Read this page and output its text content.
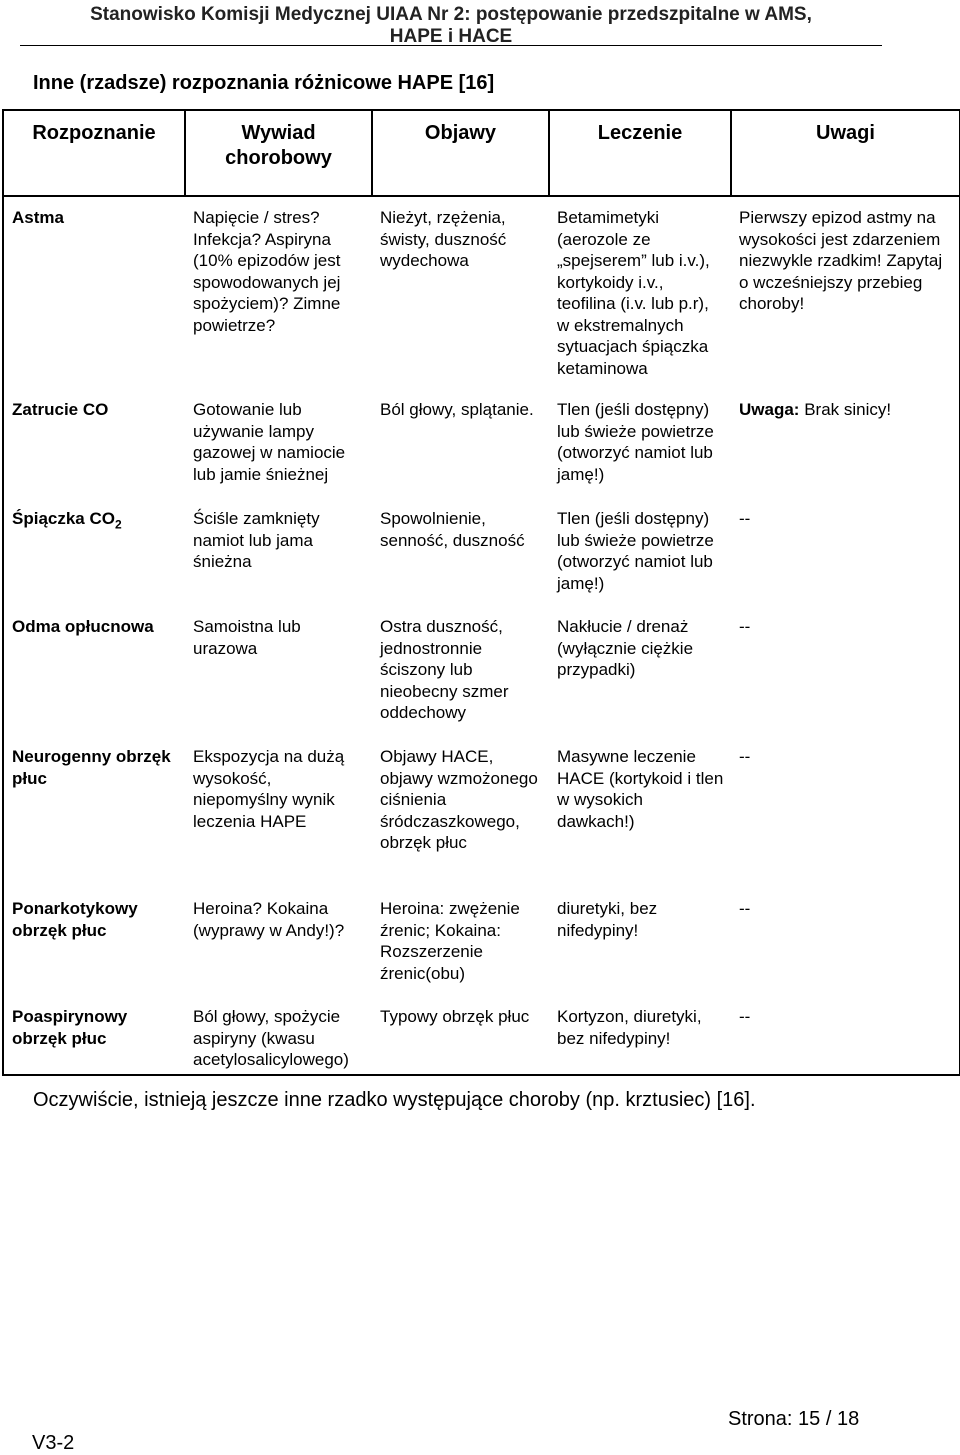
Stanowisko Komisji Medycznej UIAA Nr 2: postępowanie przedszpitalne w AMS,
HAPE i HACE
Inne (rzadsze) rozpoznania różnicowe HAPE [16]
Rozpoznanie	Wywiad chorobowy	Objawy	Leczenie	Uwagi
Astma	Napięcie / stres? Infekcja? Aspiryna (10% epizodów jest spowodowanych jej spożyciem)? Zimne powietrze?	Nieżyt, rzężenia, świsty, duszność wydechowa	Betamimetyki (aerozole ze „spejserem” lub i.v.), kortykoidy i.v., teofilina (i.v. lub p.r), w ekstremalnych sytuacjach śpiączka ketaminowa	Pierwszy epizod astmy na wysokości jest zdarzeniem niezwykle rzadkim! Zapytaj o wcześniejszy przebieg choroby!
Zatrucie CO	Gotowanie lub używanie lampy gazowej w namiocie lub jamie śnieżnej	Ból głowy, splątanie.	Tlen (jeśli dostępny) lub świeże powietrze (otworzyć namiot lub jamę!)	Uwaga: Brak sinicy!
Śpiączka $CO_2$	Ściśle zamknięty namiot lub jama śnieżna	Spowolnienie, senność, duszność	Tlen (jeśli dostępny) lub świeże powietrze (otworzyć namiot lub jamę!)	--
Odma opłucnowa	Samoistna lub urazowa	Ostra duszność, jednostronnie ściszony lub nieobecny szmer oddechowy	Nakłucie / drenaż (wyłącznie ciężkie przypadki)	--
Neurogenny obrzęk płuc	Ekspozycja na dużą wysokość, niepomyślny wynik leczenia HAPE	Objawy HACE, objawy wzmożonego ciśnienia śródczaszkowego, obrzęk płuc	Masywne leczenie HACE (kortykoid i tlen w wysokich dawkach!)	--
Ponarkotykowy obrzęk płuc	Heroina? Kokaina (wyprawy w Andy!)?	Heroina: zwężenie źrenic; Kokaina: Rozszerzenie źrenic(obu)	diuretyki, bez nifedypiny!	--
Poaspirynowy obrzęk płuc	Ból głowy, spożycie aspiryny (kwasu acetylosalicylowego)	Typowy obrzęk płuc	Kortyzon, diuretyki, bez nifedypiny!	--
Oczywiście, istnieją jeszcze inne rzadko występujące choroby (np. krztusiec) [16].
Strona: 15 / 18
V3-2
